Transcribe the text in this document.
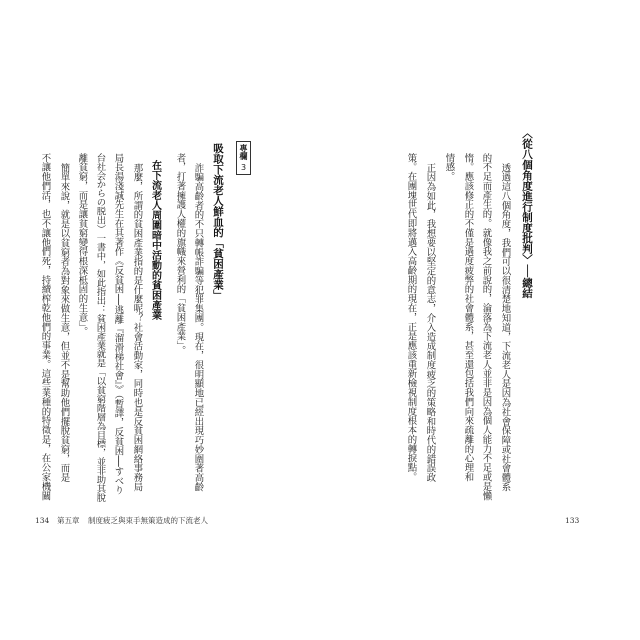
〈從八個角度進行制度批判〉──總結
透過這八個角度，我們可以很清楚地知道，下流老人是因為社會保障或社會體系
的不足而產生的。就像我之前說的，淪落為下流老人並非是因為個人能力不足或是懶
惰。應該修正的不僅是過度疲弊的社會體系，甚至還包括我們向來疏離的心理和
情感。
正因為如此，我想要以堅定的意志，介入造成制度疲乏的策略和時代的錯誤政
策。在團塊世代即將邁入高齡期的現在，正是應該重新檢視制度根本的轉捩點。
專欄3
吸取下流老人鮮血的「貧困產業」
詐騙高齡者的不只轉帳詐騙等犯罪集團。現在，很明顯地已經出現巧妙圍著高齡
者，打著擁護人權的旗幟來營利的「貧困產業」。
在下流老人周圍暗中活動的貧困產業
那麼，所謂的貧困產業指的是什麼呢？社會活動家，同時也是反貧困網絡事務局
局長湯淺誠先生在其著作《反貧困──逃離『溜滑梯社會』》（暫譯，反貧困──すべり
台社会からの脱出）一書中，如此指出：貧困產業就是「以貧窮階層為目標，並非助其脫
離貧窮，而是讓貧窮變得根深柢固的生意」。
簡單來說，就是以貧窮者為對象來做生意，但並不是幫助他們擺脫貧窮，而是
不讓他們活，也不讓他們死，持續榨乾他們的事業。這些業種的特徵是，在公家機關
134 第五章 制度疲乏與束手無策造成的下流老人	133
